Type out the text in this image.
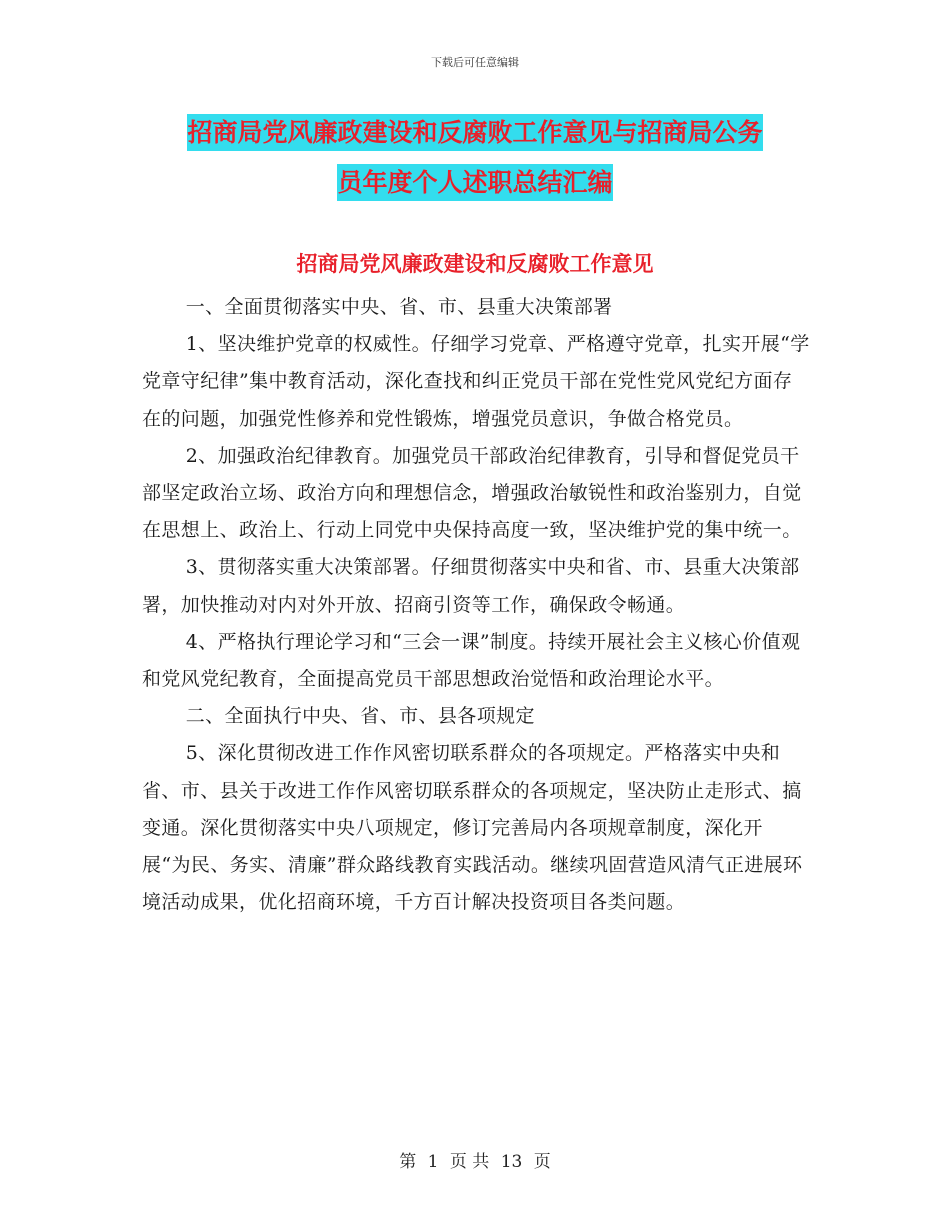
下载后可任意编辑
招商局党风廉政建设和反腐败工作意见与招商局公务
员年度个人述职总结汇编
招商局党风廉政建设和反腐败工作意见

一、全面贯彻落实中央、省、市、县重大决策部署

1、坚决维护党章的权威性。仔细学习党章、严格遵守党章，扎实开展“学党章守纪律”集中教育活动，深化查找和纠正党员干部在党性党风党纪方面存在的问题，加强党性修养和党性锻炼，增强党员意识，争做合格党员。

2、加强政治纪律教育。加强党员干部政治纪律教育，引导和督促党员干部坚定政治立场、政治方向和理想信念，增强政治敏锐性和政治鉴别力，自觉在思想上、政治上、行动上同党中央保持高度一致，坚决维护党的集中统一。

3、贯彻落实重大决策部署。仔细贯彻落实中央和省、市、县重大决策部署，加快推动对内对外开放、招商引资等工作，确保政令畅通。

4、严格执行理论学习和“三会一课”制度。持续开展社会主义核心价值观和党风党纪教育，全面提高党员干部思想政治觉悟和政治理论水平。

二、全面执行中央、省、市、县各项规定

5、深化贯彻改进工作作风密切联系群众的各项规定。严格落实中央和省、市、县关于改进工作作风密切联系群众的各项规定，坚决防止走形式、搞变通。深化贯彻落实中央八项规定，修订完善局内各项规章制度，深化开展“为民、务实、清廉”群众路线教育实践活动。继续巩固营造风清气正进展环境活动成果，优化招商环境，千方百计解决投资项目各类问题。

第 1 页 共 13 页
